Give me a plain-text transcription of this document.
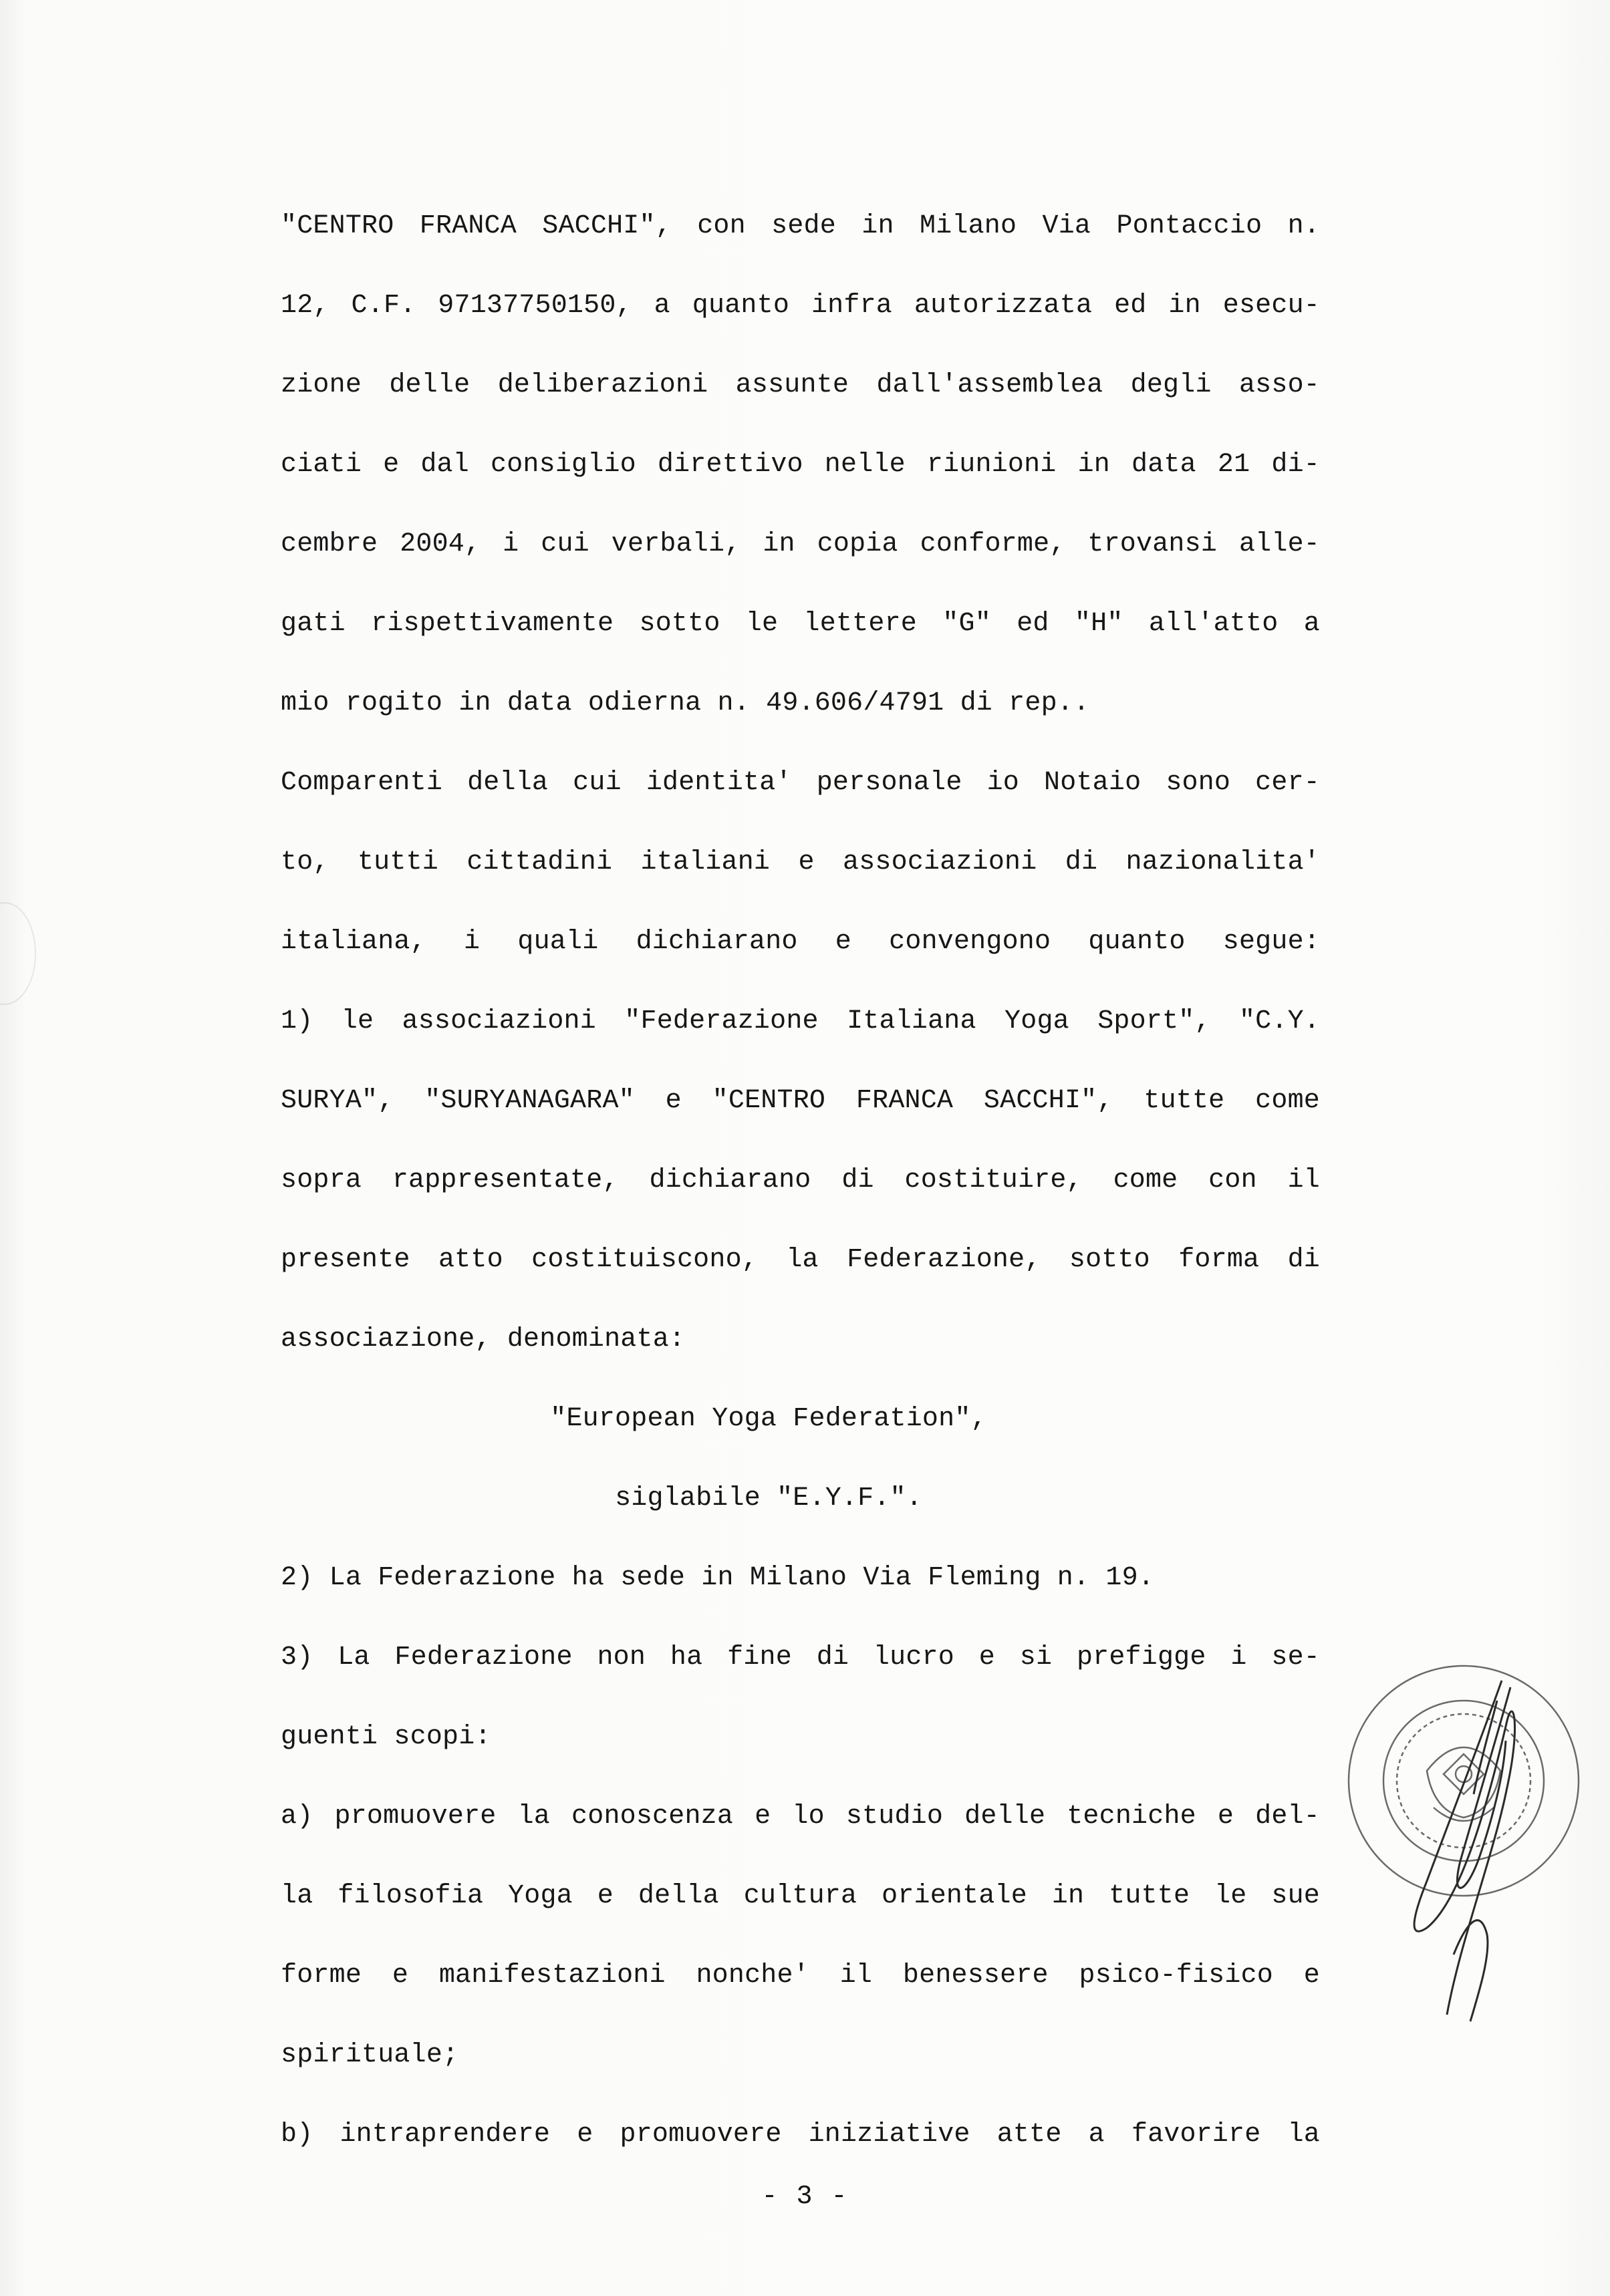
"CENTRO FRANCA SACCHI", con sede in Milano Via Pontaccio n.
12, C.F. 97137750150, a quanto infra autorizzata ed in esecu-
zione delle deliberazioni assunte dall'assemblea degli asso-
ciati e dal consiglio direttivo nelle riunioni in data 21 di-
cembre 2004, i cui verbali, in copia conforme, trovansi alle-
gati rispettivamente sotto le lettere "G" ed "H" all'atto a
mio rogito in data odierna n. 49.606/4791 di rep..
Comparenti della cui identita' personale io Notaio sono cer-
to, tutti cittadini italiani e associazioni di nazionalita'
italiana, i quali dichiarano e convengono quanto segue:
1) le associazioni "Federazione Italiana Yoga Sport", "C.Y.
SURYA", "SURYANAGARA" e "CENTRO FRANCA SACCHI", tutte come
sopra rappresentate, dichiarano di costituire, come con il
presente atto costituiscono, la Federazione, sotto forma di
associazione, denominata:
"European Yoga Federation",
siglabile "E.Y.F.".
2) La Federazione ha sede in Milano Via Fleming n. 19.
3) La Federazione non ha fine di lucro e si prefigge i se-
guenti scopi:
a) promuovere la conoscenza e lo studio delle tecniche e del-
la filosofia Yoga e della cultura orientale in tutte le sue
forme e manifestazioni nonche' il benessere psico-fisico e
spirituale;
b) intraprendere e promuovere iniziative atte a favorire la
- 3 -
